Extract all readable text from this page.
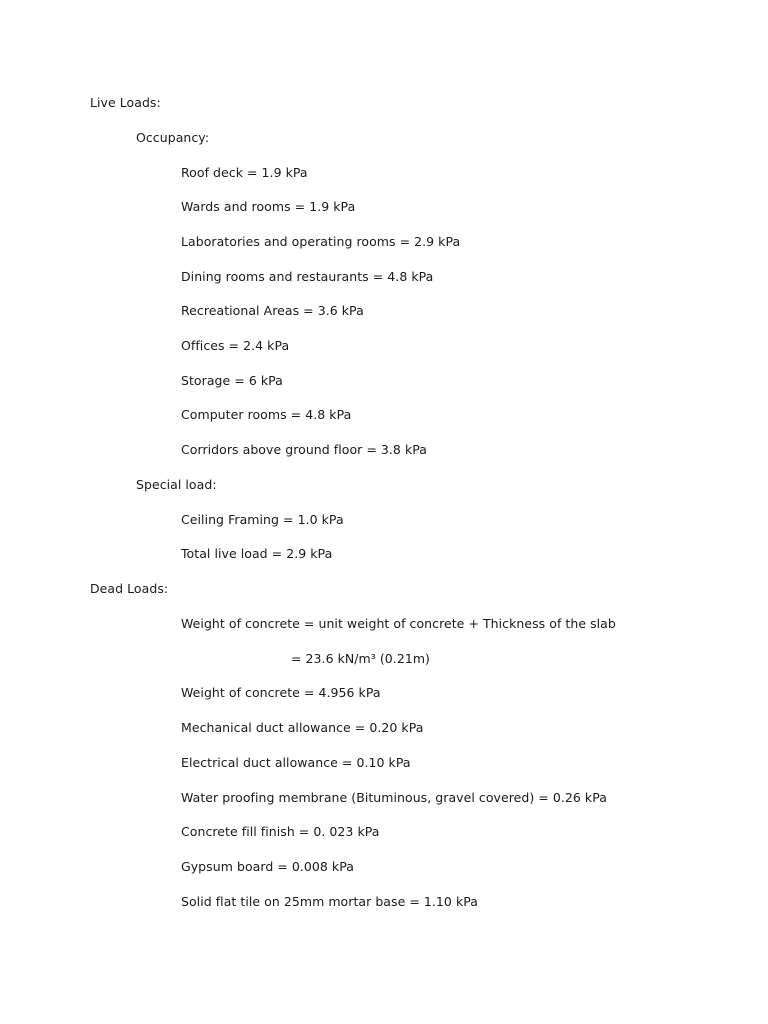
Live Loads:
Occupancy:
Roof deck = 1.9 kPa
Wards and rooms = 1.9 kPa
Laboratories and operating rooms = 2.9 kPa
Dining rooms and restaurants = 4.8 kPa
Recreational Areas = 3.6 kPa
Offices = 2.4 kPa
Storage = 6 kPa
Computer rooms = 4.8 kPa
Corridors above ground floor = 3.8 kPa
Special load:
Ceiling Framing = 1.0 kPa
Total live load = 2.9 kPa
Dead Loads:
Weight of concrete = unit weight of concrete + Thickness of the slab
= 23.6 kN/m³ (0.21m)
Weight of concrete = 4.956 kPa
Mechanical duct allowance = 0.20 kPa
Electrical duct allowance = 0.10 kPa
Water proofing membrane (Bituminous, gravel covered) = 0.26 kPa
Concrete fill finish = 0. 023 kPa
Gypsum board = 0.008 kPa
Solid flat tile on 25mm mortar base = 1.10 kPa
